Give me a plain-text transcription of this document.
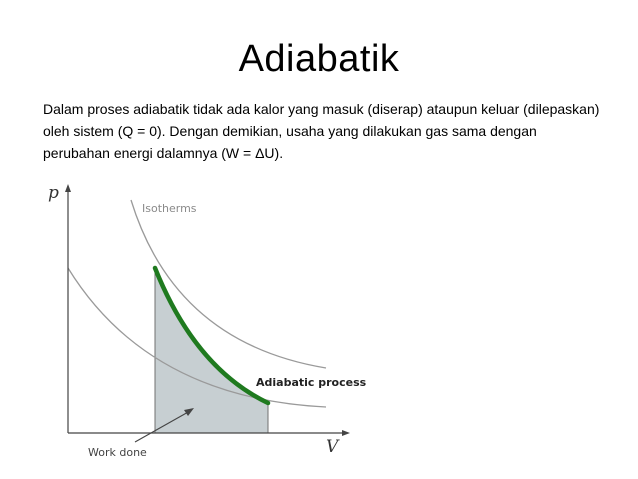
Adiabatik
Dalam proses adiabatik tidak ada kalor yang masuk (diserap) ataupun keluar (dilepaskan) oleh sistem (Q = 0). Dengan demikian, usaha yang dilakukan gas sama dengan perubahan energi dalamnya (W = ΔU).
p
V
Isotherms
Adiabatic process
Work done
